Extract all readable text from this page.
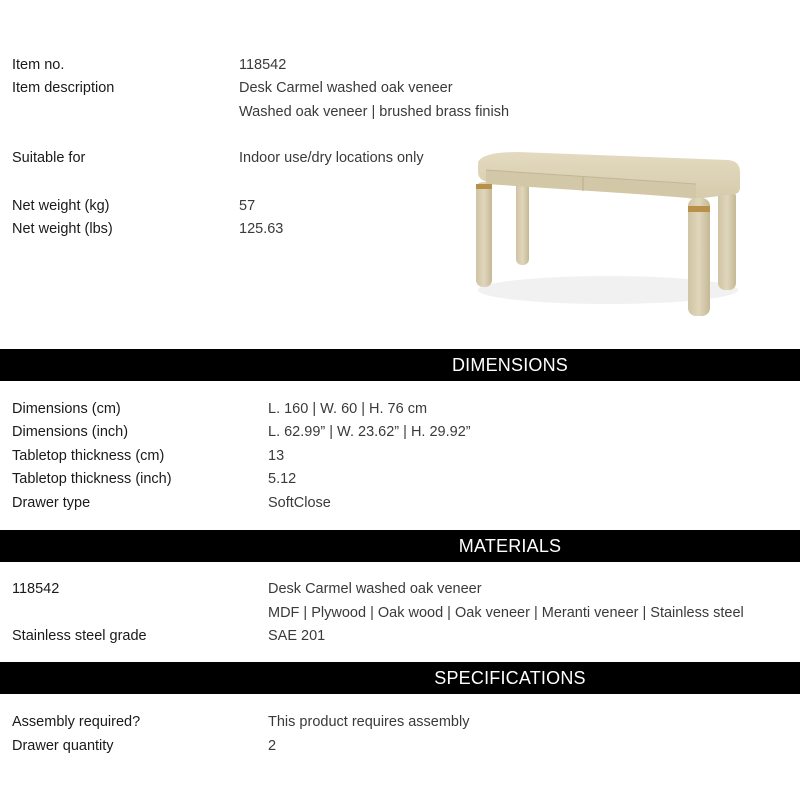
Item no.	118542
Item description	Desk Carmel washed oak veneer
Washed oak veneer | brushed brass finish
Suitable for	Indoor use/dry locations only
Net weight (kg)	57
Net weight (lbs)	125.63
DIMENSIONS
Dimensions (cm)	L. 160 | W. 60 | H. 76 cm
Dimensions (inch)	L. 62.99” | W. 23.62” | H. 29.92”
Tabletop thickness (cm)	13
Tabletop thickness (inch)	5.12
Drawer type	SoftClose
MATERIALS
118542	Desk Carmel washed oak veneer
MDF | Plywood | Oak wood | Oak veneer | Meranti veneer | Stainless steel
Stainless steel grade	SAE 201
SPECIFICATIONS
Assembly required?	This product requires assembly
Drawer quantity	2
